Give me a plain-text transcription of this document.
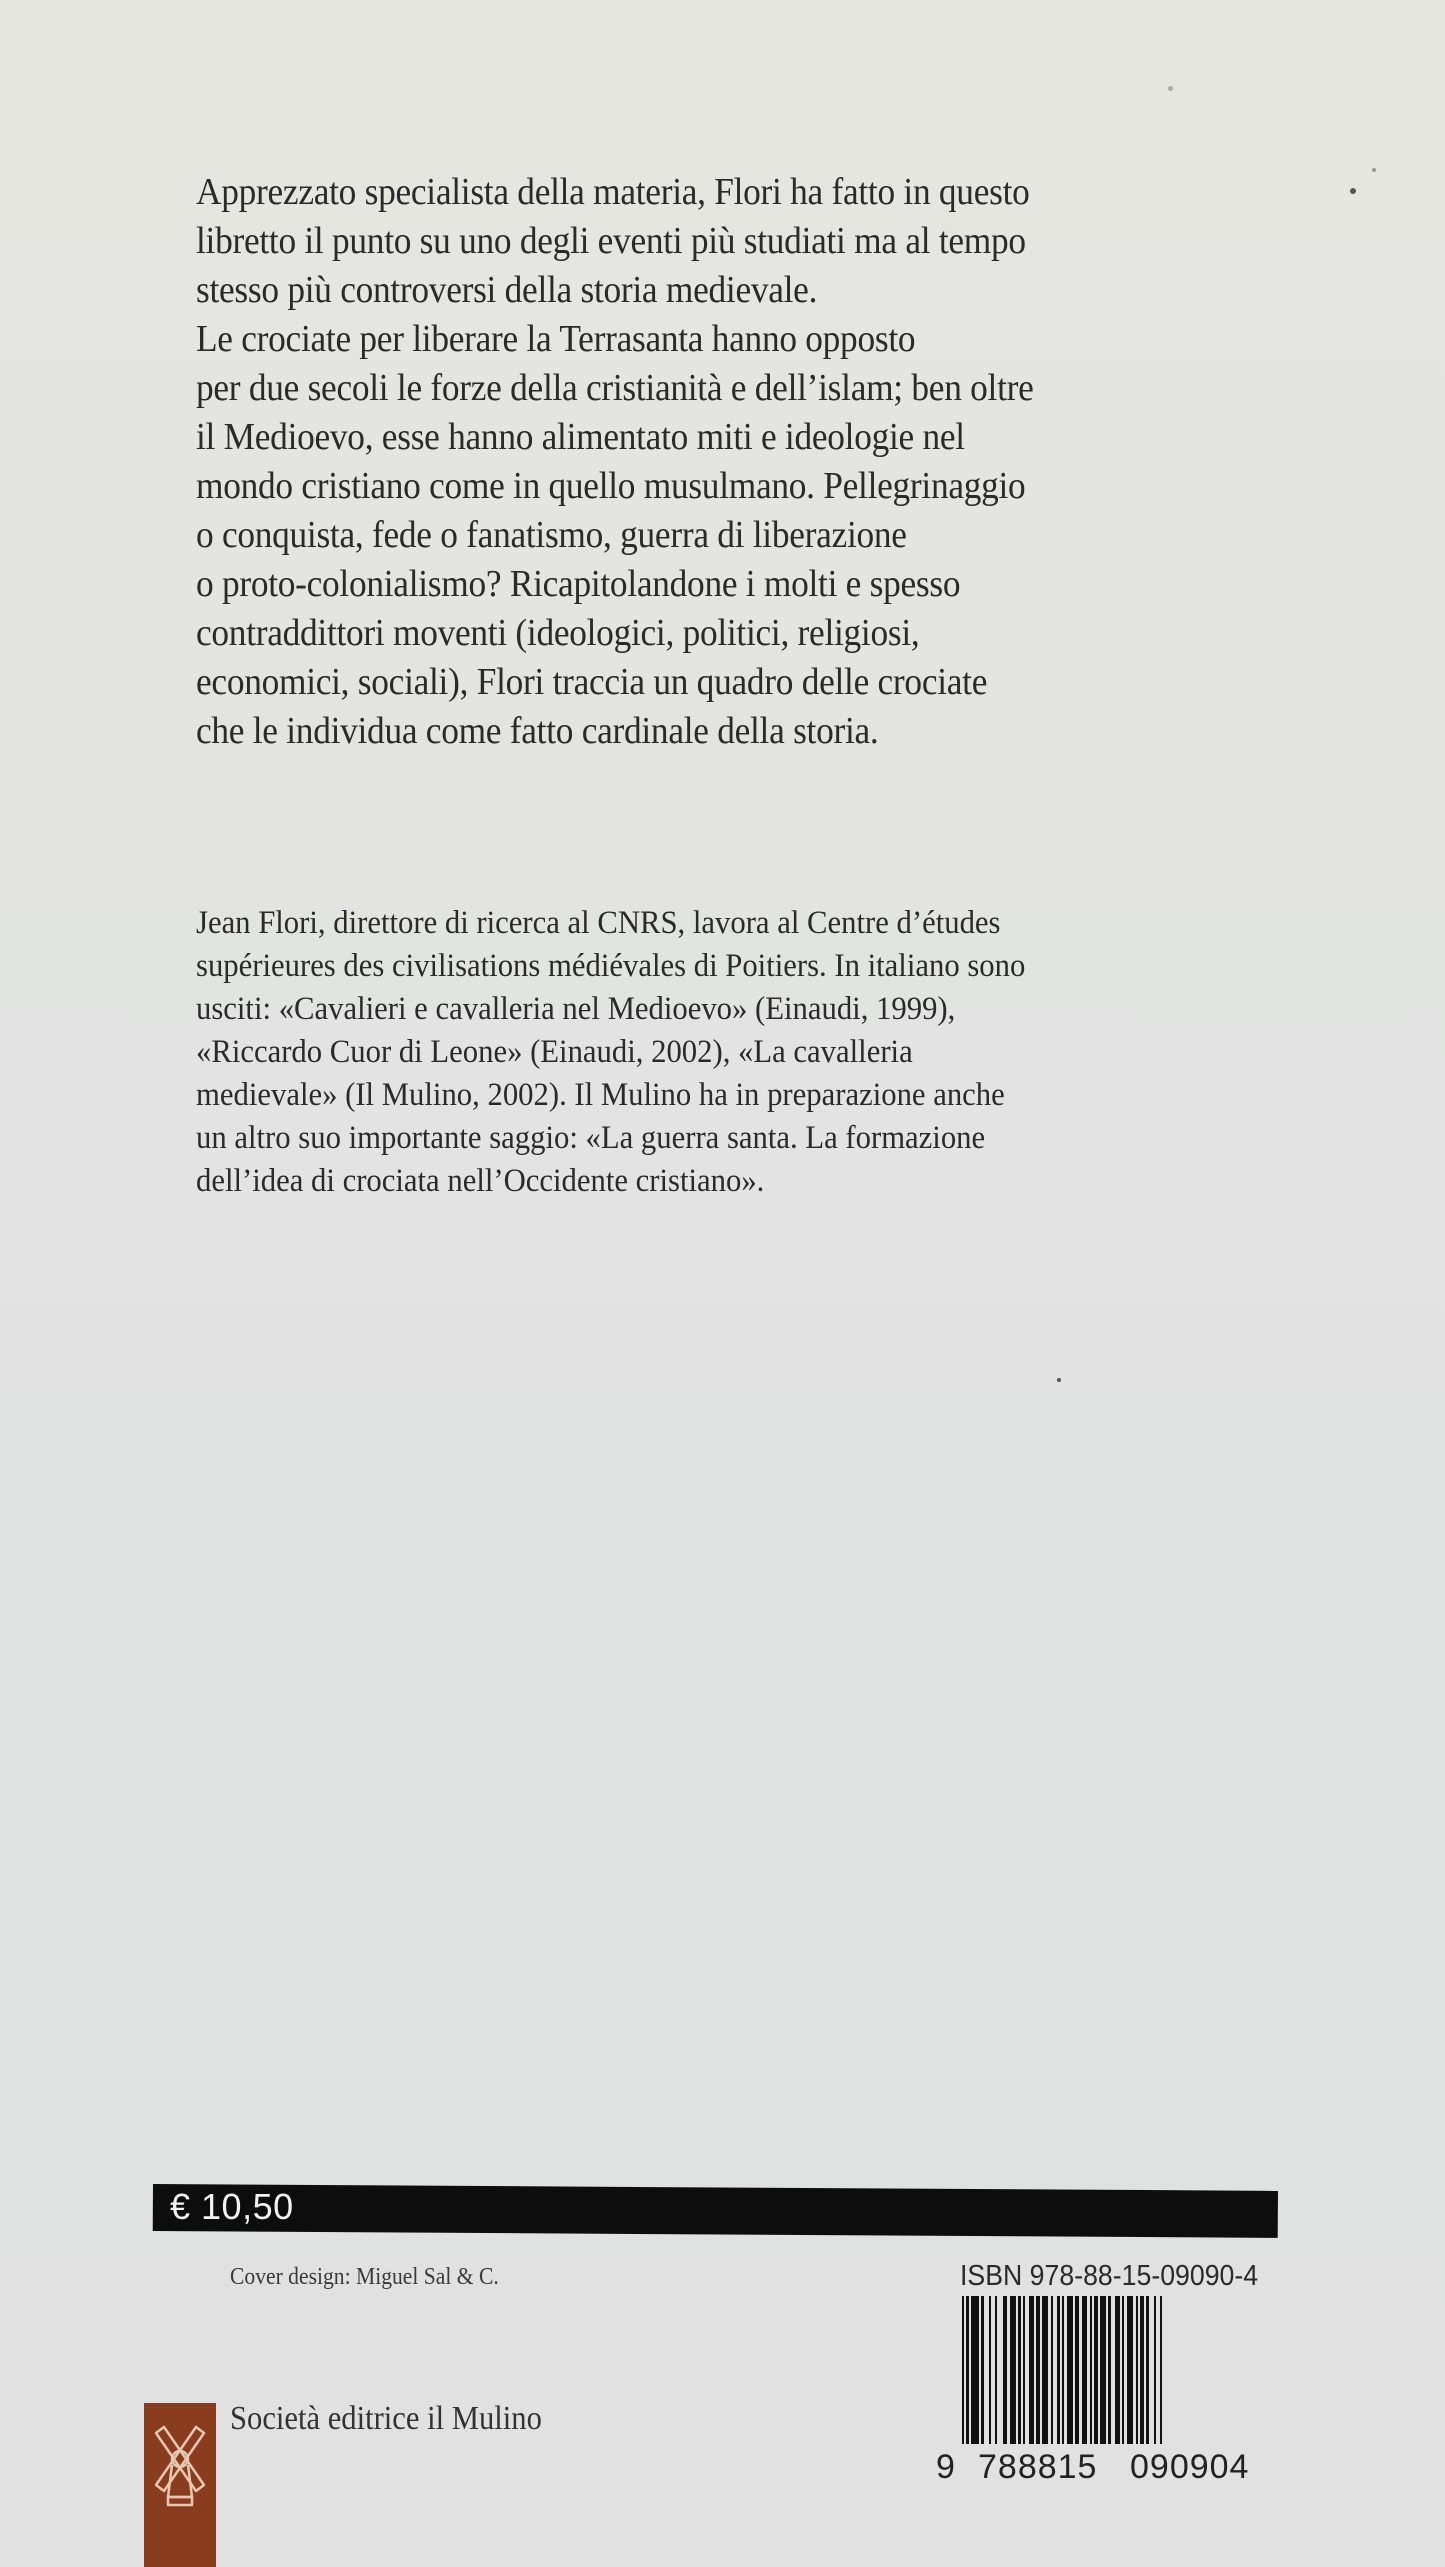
Apprezzato specialista della materia, Flori ha fatto in questo
libretto il punto su uno degli eventi più studiati ma al tempo
stesso più controversi della storia medievale.
Le crociate per liberare la Terrasanta hanno opposto
per due secoli le forze della cristianità e dell’islam; ben oltre
il Medioevo, esse hanno alimentato miti e ideologie nel
mondo cristiano come in quello musulmano. Pellegrinaggio
o conquista, fede o fanatismo, guerra di liberazione
o proto-colonialismo? Ricapitolandone i molti e spesso
contraddittori moventi (ideologici, politici, religiosi,
economici, sociali), Flori traccia un quadro delle crociate
che le individua come fatto cardinale della storia.
Jean Flori, direttore di ricerca al CNRS, lavora al Centre d’études
supérieures des civilisations médiévales di Poitiers. In italiano sono
usciti: «Cavalieri e cavalleria nel Medioevo» (Einaudi, 1999),
«Riccardo Cuor di Leone» (Einaudi, 2002), «La cavalleria
medievale» (Il Mulino, 2002). Il Mulino ha in preparazione anche
un altro suo importante saggio: «La guerra santa. La formazione
dell’idea di crociata nell’Occidente cristiano».
€ 10,50
Cover design: Miguel Sal & C.	ISBN 978-88-15-09090-4
9 788815 090904
Società editrice il Mulino
